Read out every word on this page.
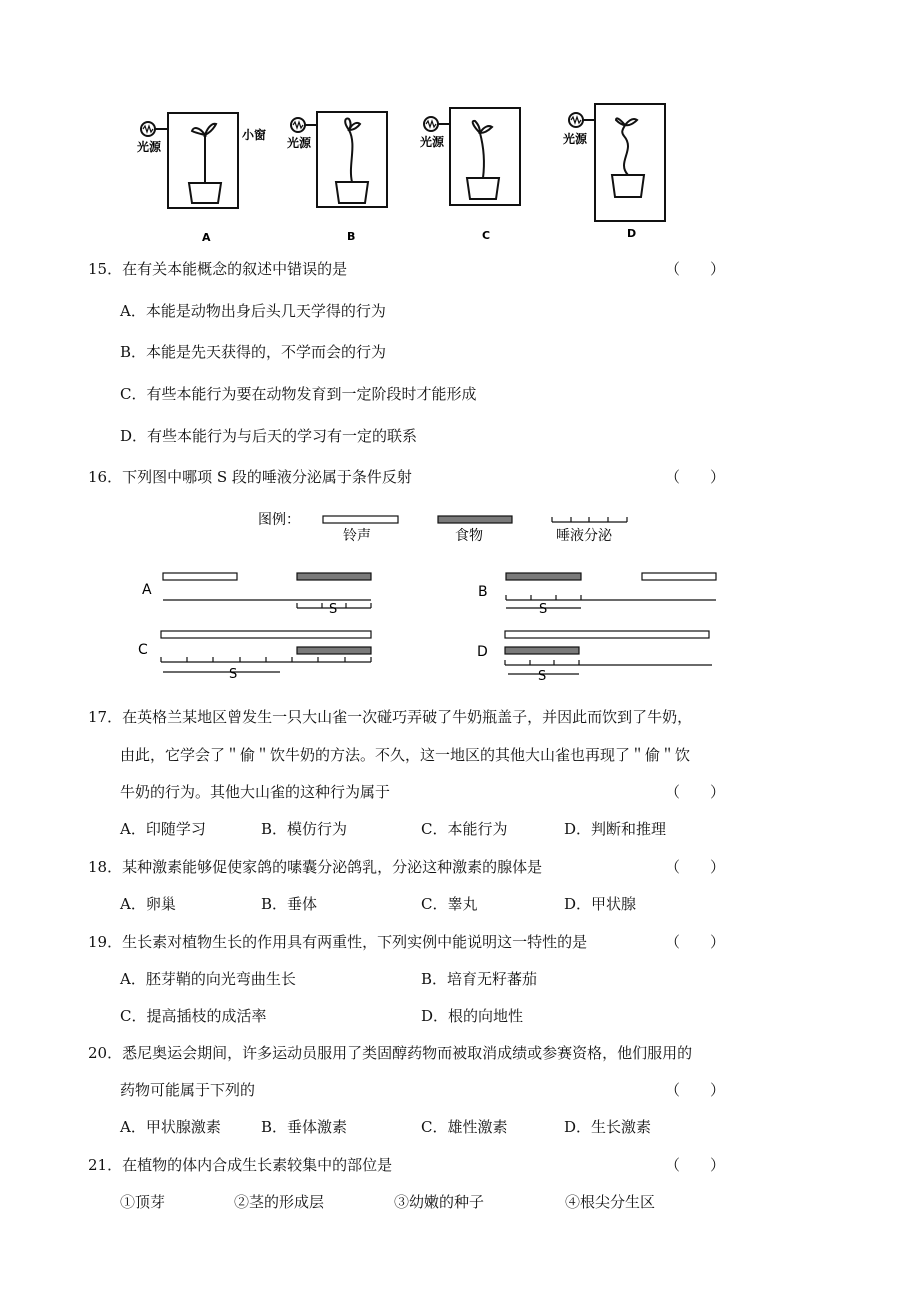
光源
小窗
光源	光源	光源
A	B	C	D
15．在有关本能概念的叙述中错误的是	（　　）
A．本能是动物出身后头几天学得的行为
B．本能是先天获得的，不学而会的行为
C．有些本能行为要在动物发育到一定阶段时才能形成
D．有些本能行为与后天的学习有一定的联系
16．下列图中哪项 S 段的唾液分泌属于条件反射	（　　）
图例：
铃声	食物	唾液分泌
A
S
B
S
C
S
D
S
17．在英格兰某地区曾发生一只大山雀一次碰巧弄破了牛奶瓶盖子，并因此而饮到了牛奶，
由此，它学会了＂偷＂饮牛奶的方法。不久，这一地区的其他大山雀也再现了＂偷＂饮
牛奶的行为。其他大山雀的这种行为属于	（　　）
A．印随学习	B．模仿行为	C．本能行为	D．判断和推理
18．某种激素能够促使家鸽的嗉囊分泌鸽乳，分泌这种激素的腺体是	（　　）
A．卵巢	B．垂体	C．睾丸	D．甲状腺
19．生长素对植物生长的作用具有两重性，下列实例中能说明这一特性的是	（　　）
A．胚芽鞘的向光弯曲生长	B．培育无籽蕃茄
C．提高插枝的成活率	D．根的向地性
20．悉尼奥运会期间，许多运动员服用了类固醇药物而被取消成绩或参赛资格，他们服用的
药物可能属于下列的	（　　）
A．甲状腺激素	B．垂体激素	C．雄性激素	D．生长激素
21．在植物的体内合成生长素较集中的部位是	（　　）
①顶芽	②茎的形成层	③幼嫩的种子	④根尖分生区
